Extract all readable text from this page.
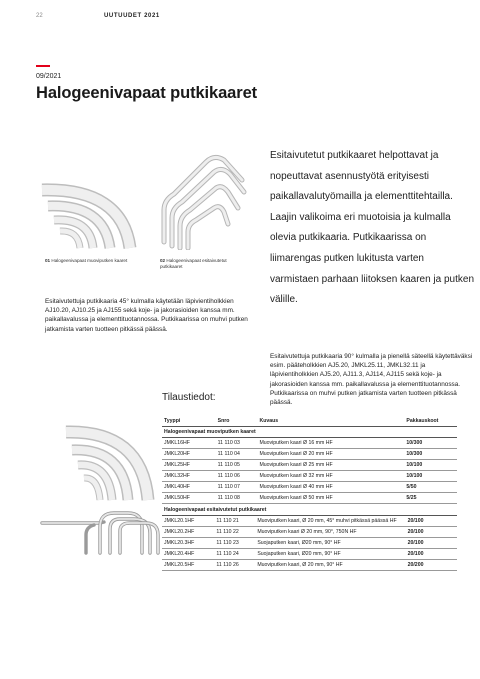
22	UUTUUDET 2021
09/2021
Halogeenivapaat putkikaaret
Esitaivutetut putkikaaret helpottavat ja nopeuttavat asennustyötä erityisesti paikallavalutyömailla ja elementtitehtailla. Laajin valikoima eri muotoisia ja kulmalla olevia putkikaaria. Putkikaarissa on liimarengas putken lukitusta varten varmistaen parhaan liitoksen kaaren ja putken välille.
01 Halogeenivapaat muoviputken kaaret	02 Halogeenivapaat esitaivutetut putkikaaret
Esitaivutettuja putkikaaria 45° kulmalla käytetään läpivientiholkkien AJ10.20, AJ10.25 ja AJ155 sekä koje- ja jakorasioiden kanssa mm. paikallavalussa ja elementtituotannossa. Putkikaarissa on muhvi putken jatkamista varten tuotteen pitkässä päässä.
Esitaivutettuja putkikaaria 90° kulmalla ja pienellä säteellä käytettäväksi esim. pääteholkkien AJ5.20, JMKL25.11, JMKL32.11 ja läpivientiholkkien AJ5.20, AJ11.3, AJ114, AJ115 sekä koje- ja jakorasioiden kanssa mm. paikallavalussa ja elementtituotannossa. Putkikaarissa on muhvi putken jatkamista varten tuotteen pitkässä päässä.
Tilaustiedot:
Tyyppi	Snro	Kuvaus	Pakkauskoot
Halogeenivapaat muoviputken kaaret			
JMKL16HF	11 110 03	Muoviputken kaari Ø 16 mm HF	10/300
JMKL20HF	11 110 04	Muoviputken kaari Ø 20 mm HF	10/300
JMKL25HF	11 110 05	Muoviputken kaari Ø 25 mm HF	10/100
JMKL32HF	11 110 06	Muoviputken kaari Ø 32 mm HF	10/100
JMKL40HF	11 110 07	Muoviputken kaari Ø 40 mm HF	5/50
JMKL50HF	11 110 08	Muoviputken kaari Ø 50 mm HF	5/25
Halogeenivapaat esitaivutetut putkikaaret			
JMKL20.1HF	11 110 21	Muoviputken kaari, Ø 20 mm, 45° muhvi pitkässä päässä HF	20/100
JMKL20.2HF	11 110 22	Muoviputken kaari Ø 20 mm, 90°, 750N HF	20/100
JMKL20.3HF	11 110 23	Suojaputken kaari, Ø20 mm, 90° HF	20/100
JMKL20.4HF	11 110 24	Suojaputken kaari, Ø20 mm, 90° HF	20/100
JMKL20.5HF	11 110 26	Muoviputken kaari, Ø 20 mm, 90° HF	20/200
